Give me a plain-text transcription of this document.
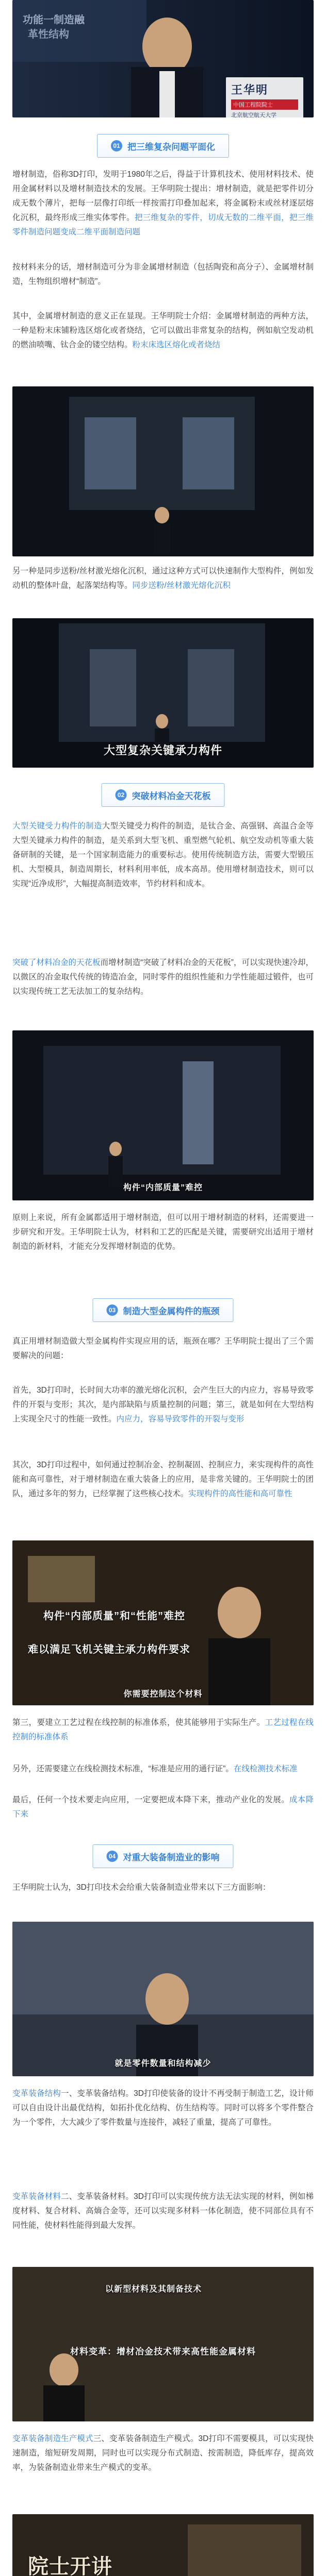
功能一制造融
革性结构
王华明
中国工程院院士
北京航空航天大学
01 把三维复杂问题平面化

增材制造，俗称3D打印，发明于1980年之后，得益于计算机技术、使用材料技术、使用金属材料以及增材制造技术的发展。王华明院士提出：增材制造，就是把零件切分成无数个薄片，把每一层像打印纸一样按需打印叠加起来，将金属粉末或丝材逐层熔化沉积，最终形成三维实体零件。把三维复杂的零件，切成无数的二维平面，把三维零件制造问题变成二维平面制造问题

按材料来分的话，增材制造可分为非金属增材制造（包括陶瓷和高分子）、金属增材制造，生物组织增材“制造”。

其中，金属增材制造的意义正在显现。王华明院士介绍：金属增材制造的两种方法，一种是粉末床铺粉选区熔化或者烧结，它可以做出非常复杂的结构，例如航空发动机的燃油喷嘴、钛合金的镂空结构。粉末床选区熔化或者烧结

另一种是同步送粉/丝材激光熔化沉积，通过这种方式可以快速制作大型构件，例如发动机的整体叶盘，起落架结构等。同步送粉/丝材激光熔化沉积

大型复杂关键承力构件
02 突破材料冶金天花板

大型关键受力构件的制造大型关键受力构件的制造，是钛合金、高强钢、高温合金等大型关键承力构件的制造，是关系到大型飞机、重型燃气轮机、航空发动机等重大装备研制的关键，是一个国家制造能力的重要标志。使用传统制造方法，需要大型锻压机、大型模具，制造周期长，材料利用率低，成本高昂。使用增材制造技术，则可以实现“近净成形”，大幅提高制造效率，节约材料和成本。

突破了材料冶金的天花板而增材制造“突破了材料冶金的天花板”，可以实现快速冷却，以微区的冶金取代传统的铸造冶金，同时零件的组织性能和力学性能超过锻件，也可以实现传统工艺无法加工的复杂结构。

构件“内部质量”难控

原则上来说，所有金属都适用于增材制造，但可以用于增材制造的材料，还需要进一步研究和开发。王华明院士认为，材料和工艺的匹配是关键，需要研究出适用于增材制造的新材料，才能充分发挥增材制造的优势。

03 制造大型金属构件的瓶颈

真正用增材制造做大型金属构件实现应用的话，瓶颈在哪？王华明院士提出了三个需要解决的问题：

首先，3D打印时，长时间大功率的激光熔化沉积，会产生巨大的内应力，容易导致零件的开裂与变形；其次，是内部缺陷与质量控制的问题；第三，就是如何在大型结构上实现全尺寸的性能一致性。内应力，容易导致零件的开裂与变形

其次，3D打印过程中，如何通过控制冶金、控制凝固、控制应力，来实现构件的高性能和高可靠性，对于增材制造在重大装备上的应用，是非常关键的。王华明院士的团队，通过多年的努力，已经掌握了这些核心技术。实现构件的高性能和高可靠性

构件“内部质量”和“性能”难控
难以满足飞机关键主承力构件要求
你需要控制这个材料

第三，要建立工艺过程在线控制的标准体系，使其能够用于实际生产。工艺过程在线控制的标准体系

另外，还需要建立在线检测技术标准，“标准是应用的通行证”。在线检测技术标准

最后，任何一个技术要走向应用，一定要把成本降下来，推动产业化的发展。成本降下来

04 对重大装备制造业的影响

王华明院士认为，3D打印技术会给重大装备制造业带来以下三方面影响：

就是零件数量和结构减少

变革装备结构一、变革装备结构。3D打印使装备的设计不再受制于制造工艺，设计师可以自由设计出最优结构，如拓扑优化结构、仿生结构等。同时可以将多个零件整合为一个零件，大大减少了零件数量与连接件，减轻了重量，提高了可靠性。

变革装备材料二、变革装备材料。3D打印可以实现传统方法无法实现的材料，例如梯度材料、复合材料、高熵合金等，还可以实现多材料一体化制造，使不同部位具有不同性能，使材料性能得到最大发挥。

以新型材料及其制备技术
材料变革：增材冶金技术带来高性能金属材料

变革装备制造生产模式三、变革装备制造生产模式。3D打印不需要模具，可以实现快速制造，缩短研发周期，同时也可以实现分布式制造、按需制造，降低库存，提高效率，为装备制造业带来生产模式的变革。

院士开讲
